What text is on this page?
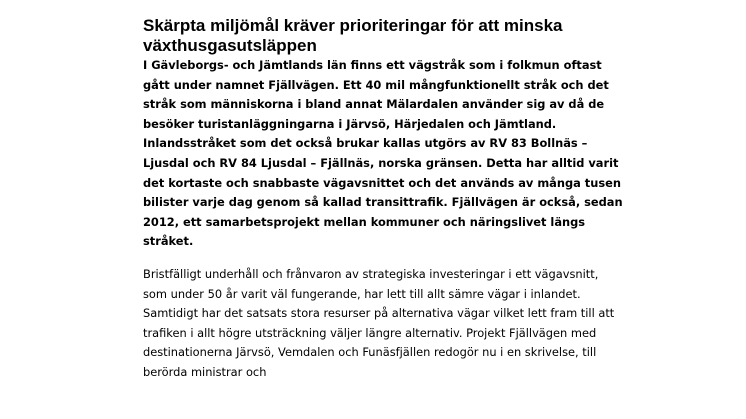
Skärpta miljömål kräver prioriteringar för att minska växthusgasutsläppen

I Gävleborgs- och Jämtlands län finns ett vägstråk som i folkmun oftast gått under namnet Fjällvägen. Ett 40 mil mångfunktionellt stråk och det stråk som människorna i bland annat Mälardalen använder sig av då de besöker turistanläggningarna i Järvsö, Härjedalen och Jämtland. Inlandsstråket som det också brukar kallas utgörs av RV 83 Bollnäs – Ljusdal och RV 84 Ljusdal – Fjällnäs, norska gränsen. Detta har alltid varit det kortaste och snabbaste vägavsnittet och det används av många tusen bilister varje dag genom så kallad transittrafik. Fjällvägen är också, sedan 2012, ett samarbetsprojekt mellan kommuner och näringslivet längs stråket.

Bristfälligt underhåll och frånvaron av strategiska investeringar i ett vägavsnitt, som under 50 år varit väl fungerande, har lett till allt sämre vägar i inlandet. Samtidigt har det satsats stora resurser på alternativa vägar vilket lett fram till att trafiken i allt högre utsträckning väljer längre alternativ. Projekt Fjällvägen med destinationerna Järvsö, Vemdalen och Funäsfjällen redogör nu i en skrivelse, till berörda ministrar och
